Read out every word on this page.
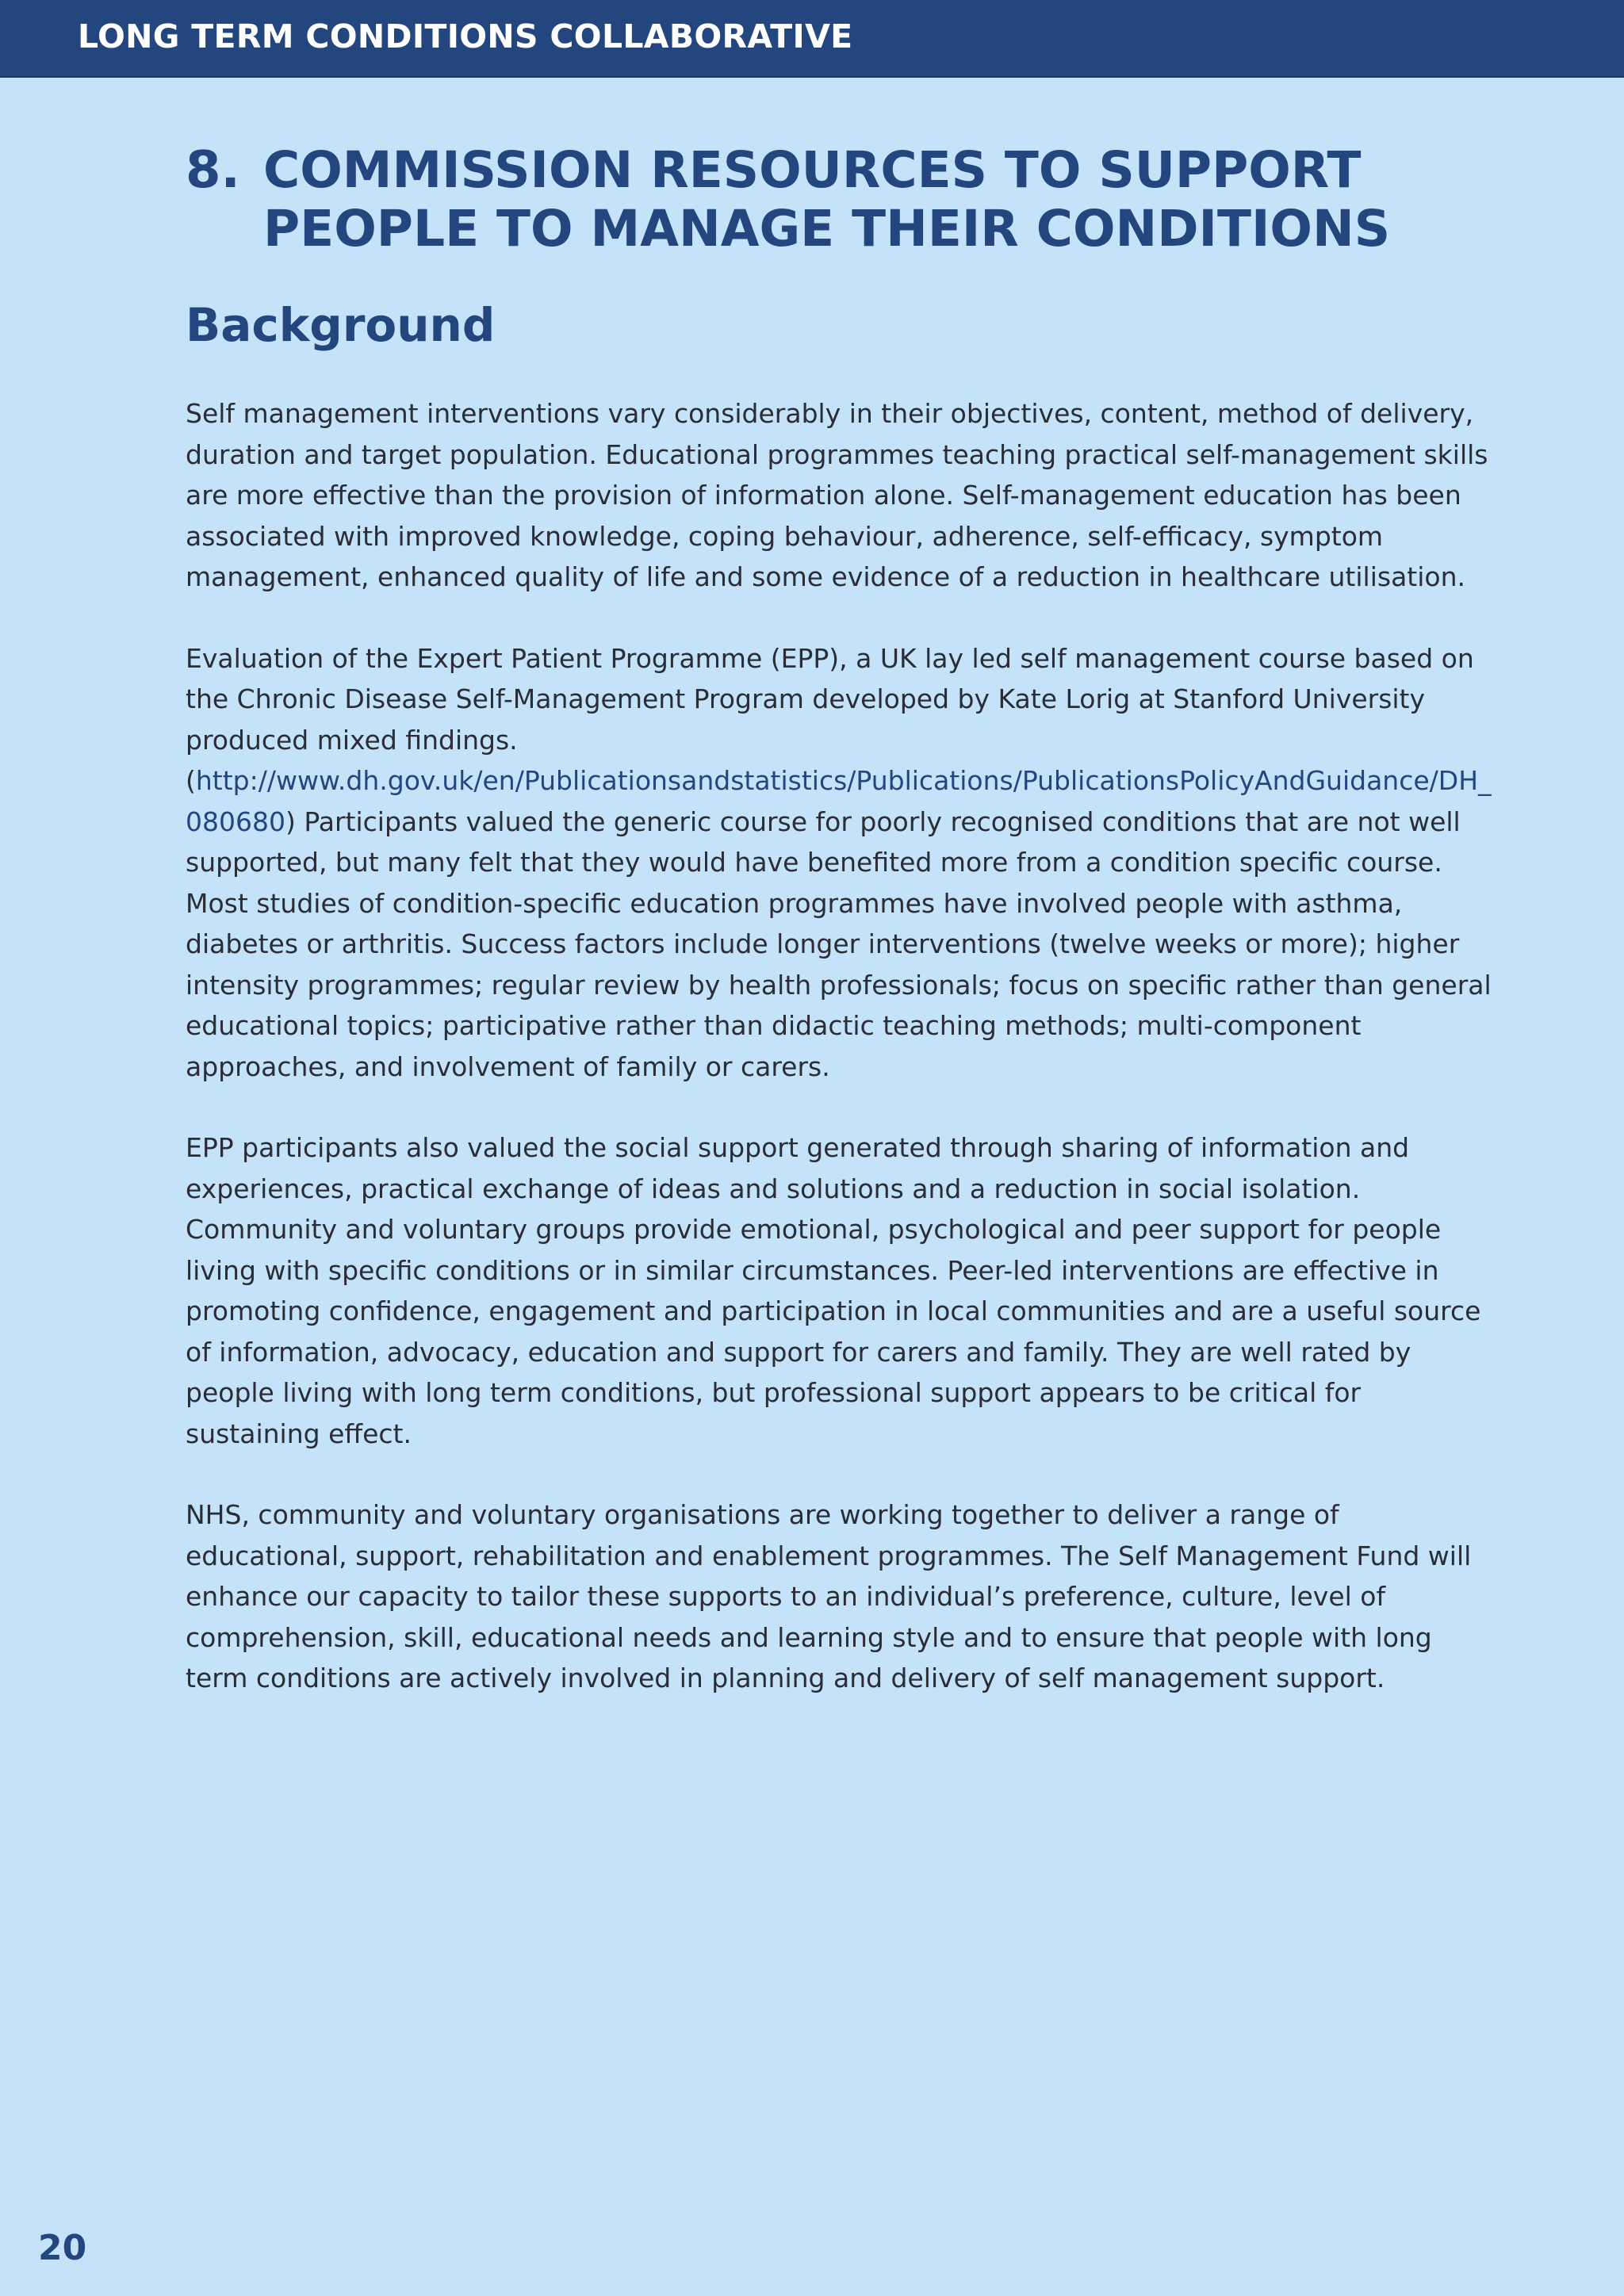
LONG TERM CONDITIONS COLLABORATIVE
8. COMMISSION RESOURCES TO SUPPORT PEOPLE TO MANAGE THEIR CONDITIONS
Background

Self management interventions vary considerably in their objectives, content, method of delivery, duration and target population. Educational programmes teaching practical self-management skills are more effective than the provision of information alone. Self-management education has been associated with improved knowledge, coping behaviour, adherence, self-efficacy, symptom management, enhanced quality of life and some evidence of a reduction in healthcare utilisation.

Evaluation of the Expert Patient Programme (EPP), a UK lay led self management course based on the Chronic Disease Self-Management Program developed by Kate Lorig at Stanford University produced mixed findings.
(http://www.dh.gov.uk/en/Publicationsandstatistics/Publications/PublicationsPolicyAndGuidance/DH_080680) Participants valued the generic course for poorly recognised conditions that are not well supported, but many felt that they would have benefited more from a condition specific course. Most studies of condition-specific education programmes have involved people with asthma, diabetes or arthritis. Success factors include longer interventions (twelve weeks or more); higher intensity programmes; regular review by health professionals; focus on specific rather than general educational topics; participative rather than didactic teaching methods; multi-component approaches, and involvement of family or carers.

EPP participants also valued the social support generated through sharing of information and experiences, practical exchange of ideas and solutions and a reduction in social isolation. Community and voluntary groups provide emotional, psychological and peer support for people living with specific conditions or in similar circumstances. Peer-led interventions are effective in promoting confidence, engagement and participation in local communities and are a useful source of information, advocacy, education and support for carers and family. They are well rated by people living with long term conditions, but professional support appears to be critical for sustaining effect.

NHS, community and voluntary organisations are working together to deliver a range of educational, support, rehabilitation and enablement programmes. The Self Management Fund will enhance our capacity to tailor these supports to an individual’s preference, culture, level of comprehension, skill, educational needs and learning style and to ensure that people with long term conditions are actively involved in planning and delivery of self management support.

20
